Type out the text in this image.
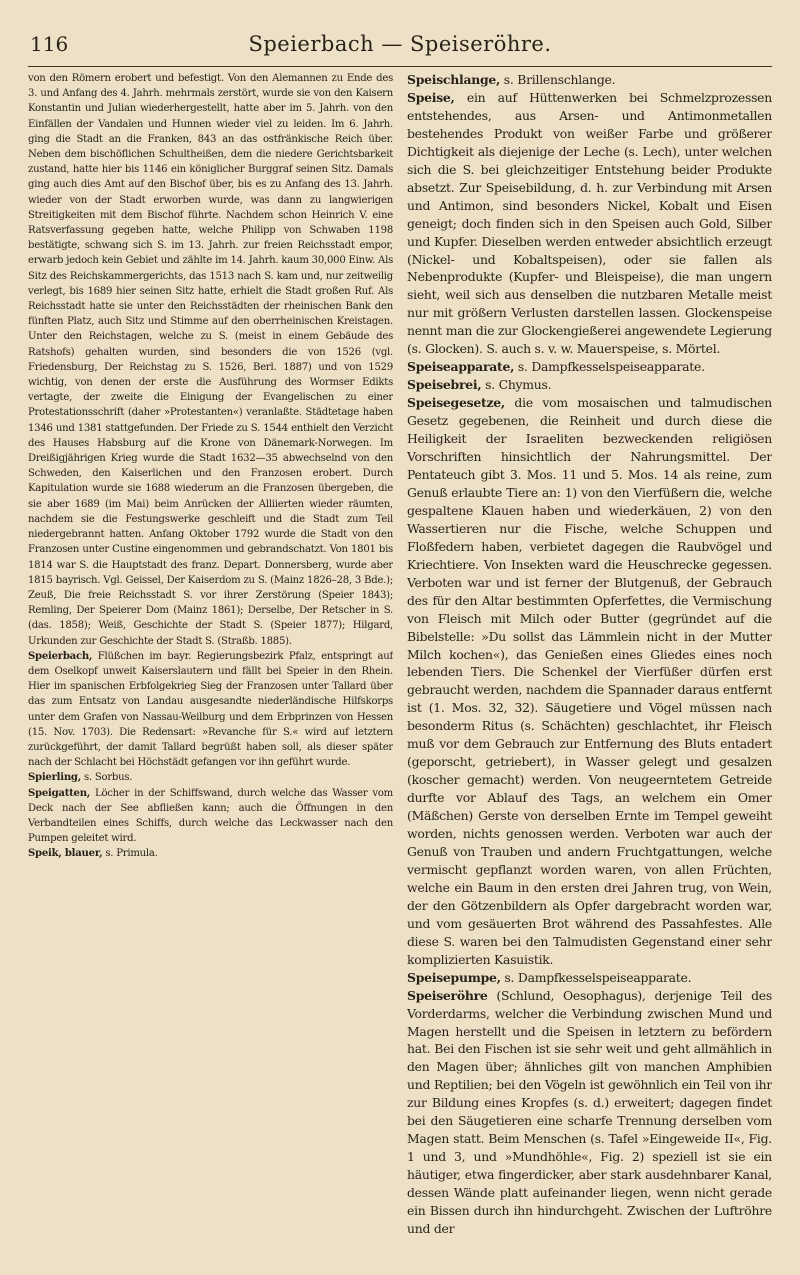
116	Speierbach — Speiseröhre.

von den Römern erobert und befestigt. Von den Alemannen zu Ende des 3. und Anfang des 4. Jahrh. mehrmals zerstört, wurde sie von den Kaisern Konstantin und Julian wiederhergestellt, hatte aber im 5. Jahrh. von den Einfällen der Vandalen und Hunnen wieder viel zu leiden. Im 6. Jahrh. ging die Stadt an die Franken, 843 an das ostfränkische Reich über. Neben dem bischöflichen Schultheißen, dem die niedere Gerichtsbarkeit zustand, hatte hier bis 1146 ein königlicher Burggraf seinen Sitz. Damals ging auch dies Amt auf den Bischof über, bis es zu Anfang des 13. Jahrh. wieder von der Stadt erworben wurde, was dann zu langwierigen Streitigkeiten mit dem Bischof führte. Nachdem schon Heinrich V. eine Ratsverfassung gegeben hatte, welche Philipp von Schwaben 1198 bestätigte, schwang sich S. im 13. Jahrh. zur freien Reichsstadt empor, erwarb jedoch kein Gebiet und zählte im 14. Jahrh. kaum 30,000 Einw. Als Sitz des Reichskammergerichts, das 1513 nach S. kam und, nur zeitweilig verlegt, bis 1689 hier seinen Sitz hatte, erhielt die Stadt großen Ruf. Als Reichsstadt hatte sie unter den Reichsstädten der rheinischen Bank den fünften Platz, auch Sitz und Stimme auf den oberrheinischen Kreistagen. Unter den Reichstagen, welche zu S. (meist in einem Gebäude des Ratshofs) gehalten wurden, sind besonders die von 1526 (vgl. Friedensburg, Der Reichstag zu S. 1526, Berl. 1887) und von 1529 wichtig, von denen der erste die Ausführung des Wormser Edikts vertagte, der zweite die Einigung der Evangelischen zu einer Protestationsschrift (daher »Protestanten«) veranlaßte. Städtetage haben 1346 und 1381 stattgefunden. Der Friede zu S. 1544 enthielt den Verzicht des Hauses Habsburg auf die Krone von Dänemark-Norwegen. Im Dreißigjährigen Krieg wurde die Stadt 1632—35 abwechselnd von den Schweden, den Kaiserlichen und den Franzosen erobert. Durch Kapitulation wurde sie 1688 wiederum an die Franzosen übergeben, die sie aber 1689 (im Mai) beim Anrücken der Alliierten wieder räumten, nachdem sie die Festungswerke geschleift und die Stadt zum Teil niedergebrannt hatten. Anfang Oktober 1792 wurde die Stadt von den Franzosen unter Custine eingenommen und gebrandschatzt. Von 1801 bis 1814 war S. die Hauptstadt des franz. Depart. Donnersberg, wurde aber 1815 bayrisch. Vgl. Geissel, Der Kaiserdom zu S. (Mainz 1826–28, 3 Bde.); Zeuß, Die freie Reichsstadt S. vor ihrer Zerstörung (Speier 1843); Remling, Der Speierer Dom (Mainz 1861); Derselbe, Der Retscher in S. (das. 1858); Weiß, Geschichte der Stadt S. (Speier 1877); Hilgard, Urkunden zur Geschichte der Stadt S. (Straßb. 1885).

Speierbach, Flüßchen im bayr. Regierungsbezirk Pfalz, entspringt auf dem Oselkopf unweit Kaiserslautern und fällt bei Speier in den Rhein. Hier im spanischen Erbfolgekrieg Sieg der Franzosen unter Tallard über das zum Entsatz von Landau ausgesandte niederländische Hilfskorps unter dem Grafen von Nassau-Weilburg und dem Erbprinzen von Hessen (15. Nov. 1703). Die Redensart: »Revanche für S.« wird auf letztern zurückgeführt, der damit Tallard begrüßt haben soll, als dieser später nach der Schlacht bei Höchstädt gefangen vor ihn geführt wurde.

Spierling, s. Sorbus.

Speigatten, Löcher in der Schiffswand, durch welche das Wasser vom Deck nach der See abfließen kann; auch die Öffnungen in den Verbandteilen eines Schiffs, durch welche das Leckwasser nach den Pumpen geleitet wird.

Speik, blauer, s. Primula.

Speischlange, s. Brillenschlange.

Speise, ein auf Hüttenwerken bei Schmelzprozessen entstehendes, aus Arsen- und Antimonmetallen bestehendes Produkt von weißer Farbe und größerer Dichtigkeit als diejenige der Leche (s. Lech), unter welchen sich die S. bei gleichzeitiger Entstehung beider Produkte absetzt. Zur Speisebildung, d. h. zur Verbindung mit Arsen und Antimon, sind besonders Nickel, Kobalt und Eisen geneigt; doch finden sich in den Speisen auch Gold, Silber und Kupfer. Dieselben werden entweder absichtlich erzeugt (Nickel- und Kobaltspeisen), oder sie fallen als Nebenprodukte (Kupfer- und Bleispeise), die man ungern sieht, weil sich aus denselben die nutzbaren Metalle meist nur mit größern Verlusten darstellen lassen. Glockenspeise nennt man die zur Glockengießerei angewendete Legierung (s. Glocken). S. auch s. v. w. Mauerspeise, s. Mörtel.

Speiseapparate, s. Dampfkesselspeiseapparate.

Speisebrei, s. Chymus.

Speisegesetze, die vom mosaischen und talmudischen Gesetz gegebenen, die Reinheit und durch diese die Heiligkeit der Israeliten bezweckenden religiösen Vorschriften hinsichtlich der Nahrungsmittel. Der Pentateuch gibt 3. Mos. 11 und 5. Mos. 14 als reine, zum Genuß erlaubte Tiere an: 1) von den Vierfüßern die, welche gespaltene Klauen haben und wiederkäuen, 2) von den Wassertieren nur die Fische, welche Schuppen und Floßfedern haben, verbietet dagegen die Raubvögel und Kriechtiere. Von Insekten ward die Heuschrecke gegessen. Verboten war und ist ferner der Blutgenuß, der Gebrauch des für den Altar bestimmten Opferfettes, die Vermischung von Fleisch mit Milch oder Butter (gegründet auf die Bibelstelle: »Du sollst das Lämmlein nicht in der Mutter Milch kochen«), das Genießen eines Gliedes eines noch lebenden Tiers. Die Schenkel der Vierfüßer dürfen erst gebraucht werden, nachdem die Spannader daraus entfernt ist (1. Mos. 32, 32). Säugetiere und Vögel müssen nach besonderm Ritus (s. Schächten) geschlachtet, ihr Fleisch muß vor dem Gebrauch zur Entfernung des Bluts entadert (geporscht, getriebert), in Wasser gelegt und gesalzen (koscher gemacht) werden. Von neugeerntetem Getreide durfte vor Ablauf des Tags, an welchem ein Omer (Mäßchen) Gerste von derselben Ernte im Tempel geweiht worden, nichts genossen werden. Verboten war auch der Genuß von Trauben und andern Fruchtgattungen, welche vermischt gepflanzt worden waren, von allen Früchten, welche ein Baum in den ersten drei Jahren trug, von Wein, der den Götzenbildern als Opfer dargebracht worden war, und vom gesäuerten Brot während des Passahfestes. Alle diese S. waren bei den Talmudisten Gegenstand einer sehr komplizierten Kasuistik.

Speisepumpe, s. Dampfkesselspeiseapparate.

Speiseröhre (Schlund, Oesophagus), derjenige Teil des Vorderdarms, welcher die Verbindung zwischen Mund und Magen herstellt und die Speisen in letztern zu befördern hat. Bei den Fischen ist sie sehr weit und geht allmählich in den Magen über; ähnliches gilt von manchen Amphibien und Reptilien; bei den Vögeln ist gewöhnlich ein Teil von ihr zur Bildung eines Kropfes (s. d.) erweitert; dagegen findet bei den Säugetieren eine scharfe Trennung derselben vom Magen statt. Beim Menschen (s. Tafel »Eingeweide II«, Fig. 1 und 3, und »Mundhöhle«, Fig. 2) speziell ist sie ein häutiger, etwa fingerdicker, aber stark ausdehnbarer Kanal, dessen Wände platt aufeinander liegen, wenn nicht gerade ein Bissen durch ihn hindurchgeht. Zwischen der Luftröhre und der
